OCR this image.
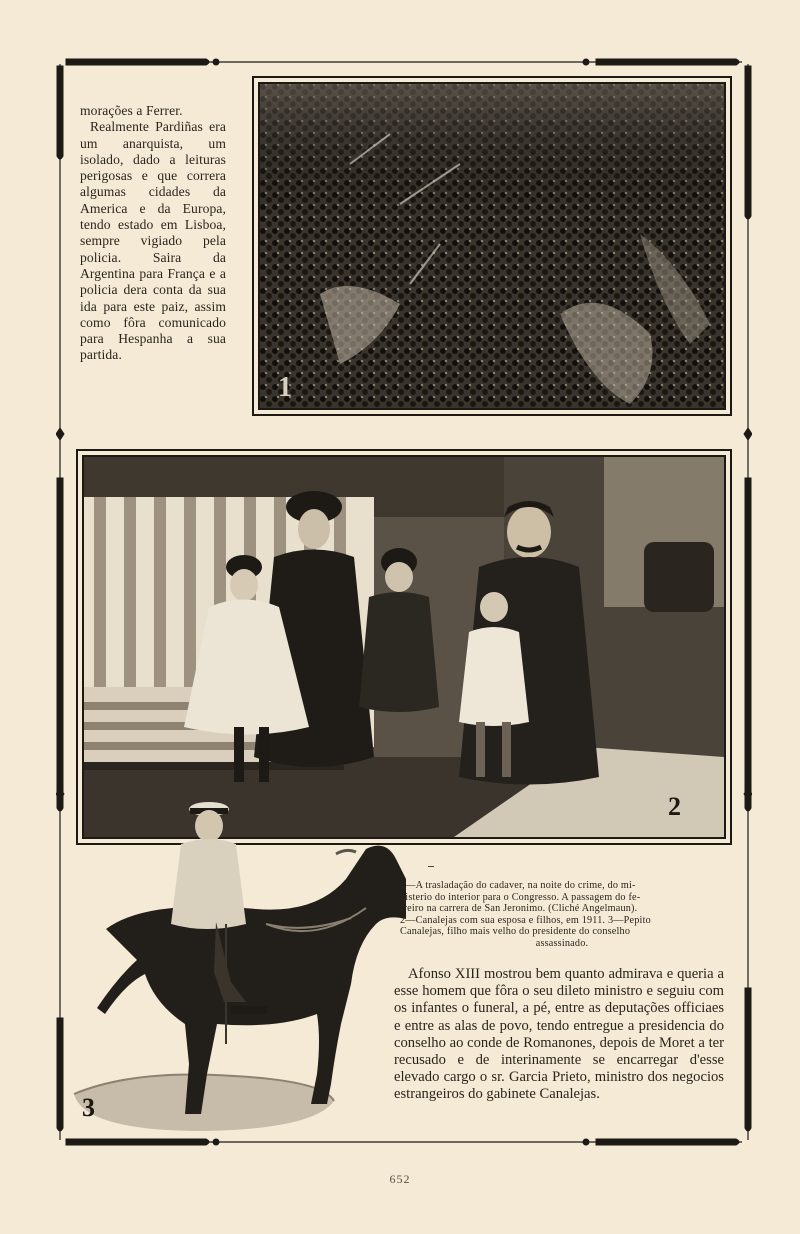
morações a Ferrer.

Realmente Pardiñas era um anarquista, um isolado, dado a leituras perigosas e que correra algumas cidades da America e da Europa, tendo estado em Lisboa, sempre vigiado pela policia. Saira da Argentina para França e a policia dera conta da sua ida para este paiz, assim como fôra comunicado para Hespanha a sua partida.

1
2
3
1—A trasladação do cadaver, na noite do crime, do mi-
nisterio do interior para o Congresso. A passagem do fe-
rreiro na carrera de San Jeronimo. (Cliché Angelmaun).
2—Canalejas com sua esposa e filhos, em 1911. 3—Pepito
Canalejas, filho mais velho do presidente do conselho
assassinado.

Afonso XIII mostrou bem quanto admirava e queria a esse homem que fôra o seu dileto ministro e seguiu com os infantes o funeral, a pé, entre as deputações officiaes e entre as alas de povo, tendo entregue a presidencia do conselho ao conde de Romanones, depois de Moret a ter recusado e de interinamente se encarregar d'esse elevado cargo o sr. Garcia Prieto, ministro dos negocios estrangeiros do gabinete Canalejas.

652
